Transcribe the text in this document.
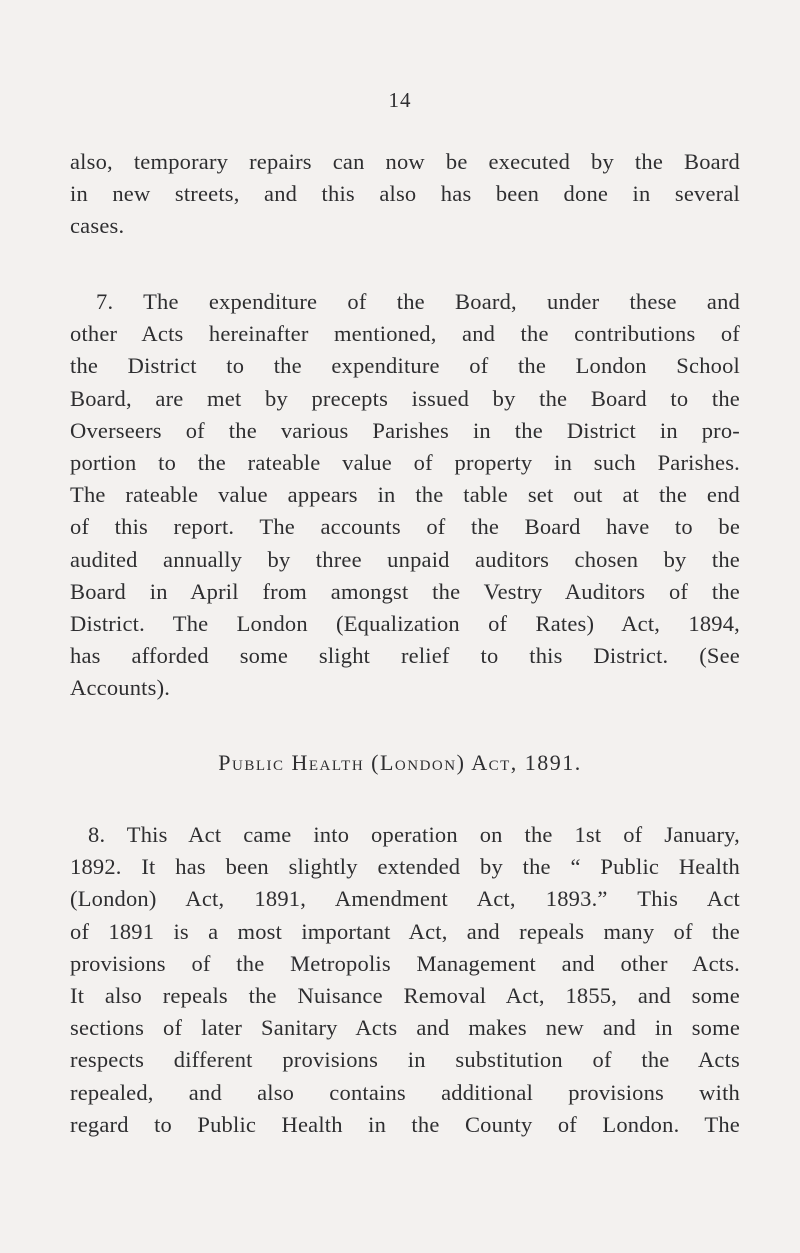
14
also, temporary repairs can now be executed by the Board
in new streets, and this also has been done in several
cases.
7. The expenditure of the Board, under these and
other Acts hereinafter mentioned, and the contributions of
the District to the expenditure of the London School
Board, are met by precepts issued by the Board to the
Overseers of the various Parishes in the District in pro-
portion to the rateable value of property in such Parishes.
The rateable value appears in the table set out at the end
of this report. The accounts of the Board have to be
audited annually by three unpaid auditors chosen by the
Board in April from amongst the Vestry Auditors of the
District. The London (Equalization of Rates) Act, 1894,
has afforded some slight relief to this District. (See
Accounts).
Public Health (London) Act, 1891.
8. This Act came into operation on the 1st of January,
1892. It has been slightly extended by the “ Public Health
(London) Act, 1891, Amendment Act, 1893.” This Act
of 1891 is a most important Act, and repeals many of the
provisions of the Metropolis Management and other Acts.
It also repeals the Nuisance Removal Act, 1855, and some
sections of later Sanitary Acts and makes new and in some
respects different provisions in substitution of the Acts
repealed, and also contains additional provisions with
regard to Public Health in the County of London. The
